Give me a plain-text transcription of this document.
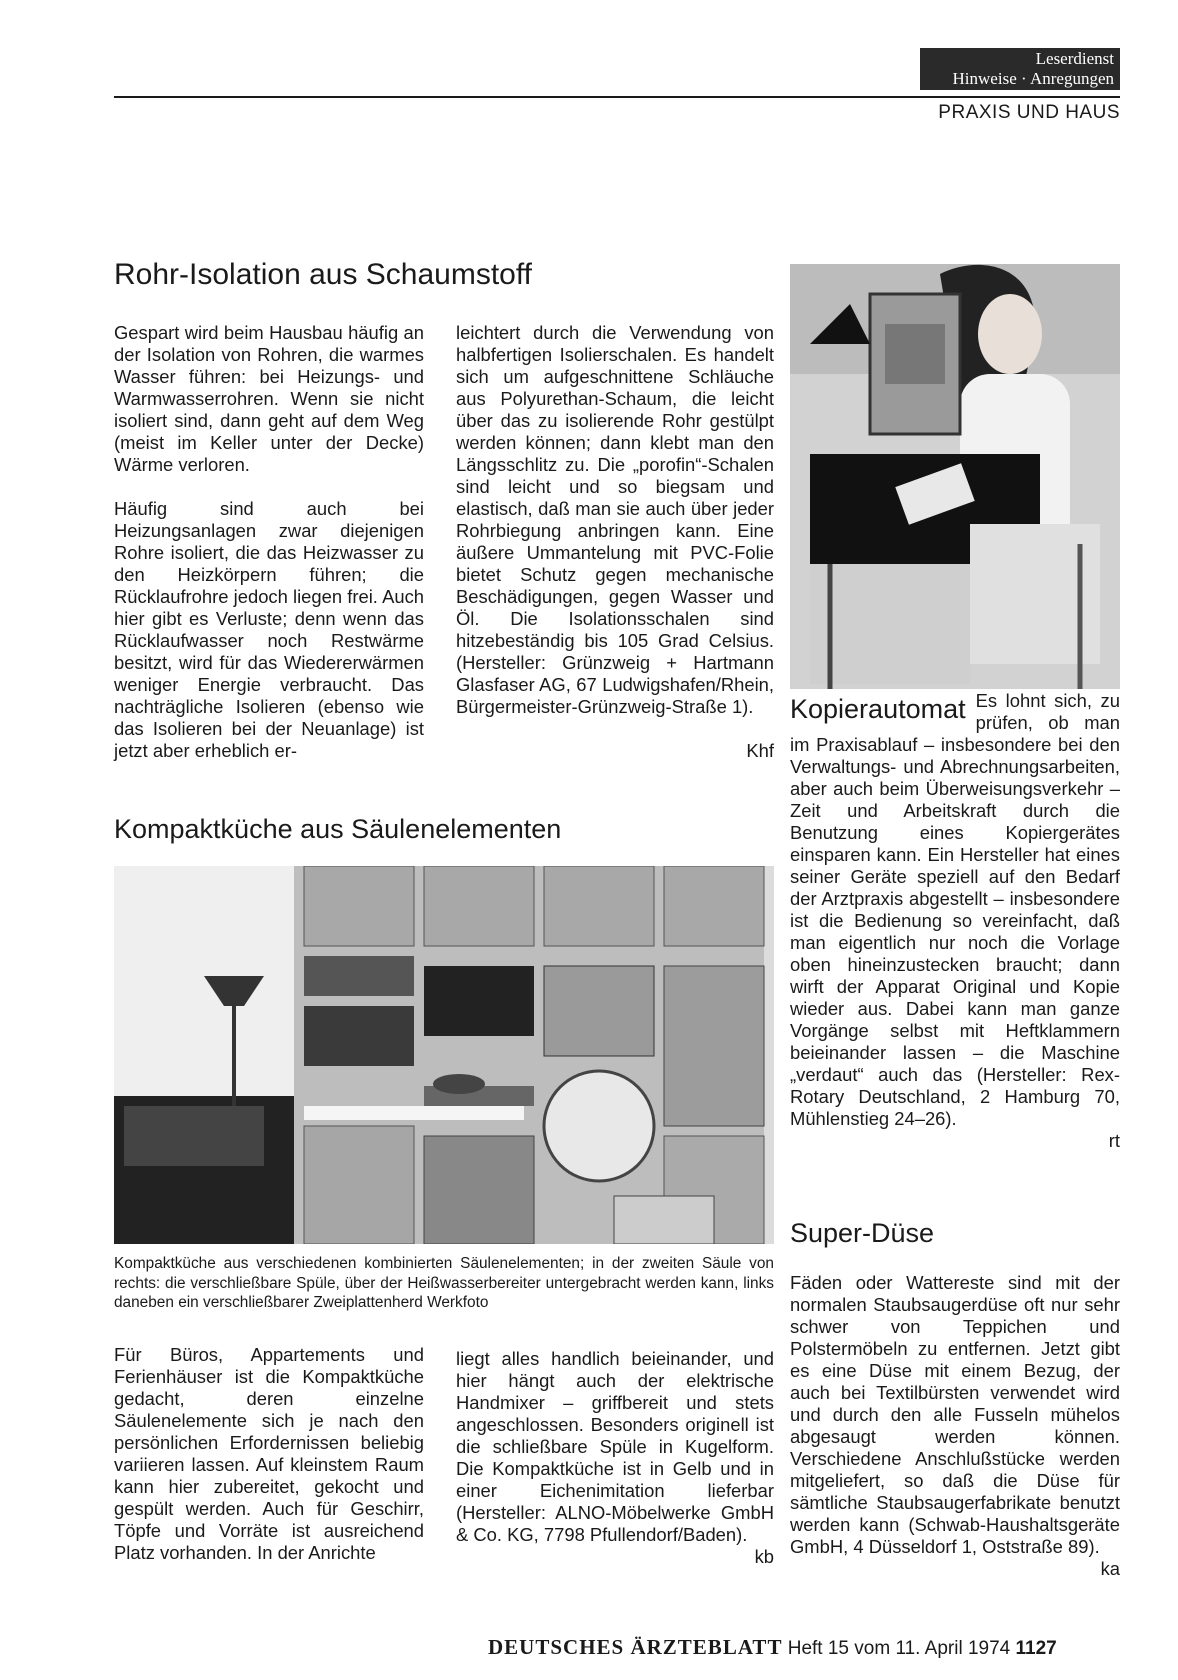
Leserdienst
Hinweise · Anregungen
PRAXIS UND HAUS
Rohr-Isolation aus Schaumstoff

Gespart wird beim Hausbau häufig an der Isolation von Rohren, die warmes Wasser führen: bei Heizungs- und Warmwasserrohren. Wenn sie nicht isoliert sind, dann geht auf dem Weg (meist im Keller unter der Decke) Wärme verloren.

Häufig sind auch bei Heizungsanlagen zwar diejenigen Rohre isoliert, die das Heizwasser zu den Heizkörpern führen; die Rücklaufrohre jedoch liegen frei. Auch hier gibt es Verluste; denn wenn das Rücklaufwasser noch Restwärme besitzt, wird für das Wiedererwärmen weniger Energie verbraucht. Das nachträgliche Isolieren (ebenso wie das Isolieren bei der Neuanlage) ist jetzt aber erheblich er-

leichtert durch die Verwendung von halbfertigen Isolierschalen. Es handelt sich um aufgeschnittene Schläuche aus Polyurethan-Schaum, die leicht über das zu isolierende Rohr gestülpt werden können; dann klebt man den Längsschlitz zu. Die „porofin“-Schalen sind leicht und so biegsam und elastisch, daß man sie auch über jeder Rohrbiegung anbringen kann. Eine äußere Ummantelung mit PVC-Folie bietet Schutz gegen mechanische Beschädigungen, gegen Wasser und Öl. Die Isolationsschalen sind hitzebeständig bis 105 Grad Celsius. (Hersteller: Grünzweig + Hartmann Glasfaser AG, 67 Ludwigshafen/Rhein, Bürgermeister-Grünzweig-Straße 1).

Khf
Kopierautomat Es lohnt sich, zu prüfen, ob man im Praxisablauf – insbesondere bei den Verwaltungs- und Abrechnungsarbeiten, aber auch beim Überweisungsverkehr – Zeit und Arbeitskraft durch die Benutzung eines Kopiergerätes einsparen kann. Ein Hersteller hat eines seiner Geräte speziell auf den Bedarf der Arztpraxis abgestellt – insbesondere ist die Bedienung so vereinfacht, daß man eigentlich nur noch die Vorlage oben hineinzustecken braucht; dann wirft der Apparat Original und Kopie wieder aus. Dabei kann man ganze Vorgänge selbst mit Heftklammern beieinander lassen – die Maschine „verdaut“ auch das (Hersteller: Rex-Rotary Deutschland, 2 Hamburg 70, Mühlenstieg 24–26).
rt
Kompaktküche aus Säulenelementen
Kompaktküche aus verschiedenen kombinierten Säulenelementen; in der zweiten Säule von rechts: die verschließbare Spüle, über der Heißwasserbereiter untergebracht werden kann, links daneben ein verschließbarer Zweiplattenherd Werkfoto

Für Büros, Appartements und Ferienhäuser ist die Kompaktküche gedacht, deren einzelne Säulenelemente sich je nach den persönlichen Erfordernissen beliebig variieren lassen. Auf kleinstem Raum kann hier zubereitet, gekocht und gespült werden. Auch für Geschirr, Töpfe und Vorräte ist ausreichend Platz vorhanden. In der Anrichte

liegt alles handlich beieinander, und hier hängt auch der elektrische Handmixer – griffbereit und stets angeschlossen. Besonders originell ist die schließbare Spüle in Kugelform. Die Kompaktküche ist in Gelb und in einer Eichenimitation lieferbar (Hersteller: ALNO-Möbelwerke GmbH & Co. KG, 7798 Pfullendorf/Baden).

kb
Super-Düse

Fäden oder Wattereste sind mit der normalen Staubsaugerdüse oft nur sehr schwer von Teppichen und Polstermöbeln zu entfernen. Jetzt gibt es eine Düse mit einem Bezug, der auch bei Textilbürsten verwendet wird und durch den alle Fusseln mühelos abgesaugt werden können. Verschiedene Anschlußstücke werden mitgeliefert, so daß die Düse für sämtliche Staubsaugerfabrikate benutzt werden kann (Schwab-Haushaltsgeräte GmbH, 4 Düsseldorf 1, Oststraße 89).

ka
DEUTSCHES ÄRZTEBLATT Heft 15 vom 11. April 1974 1127
